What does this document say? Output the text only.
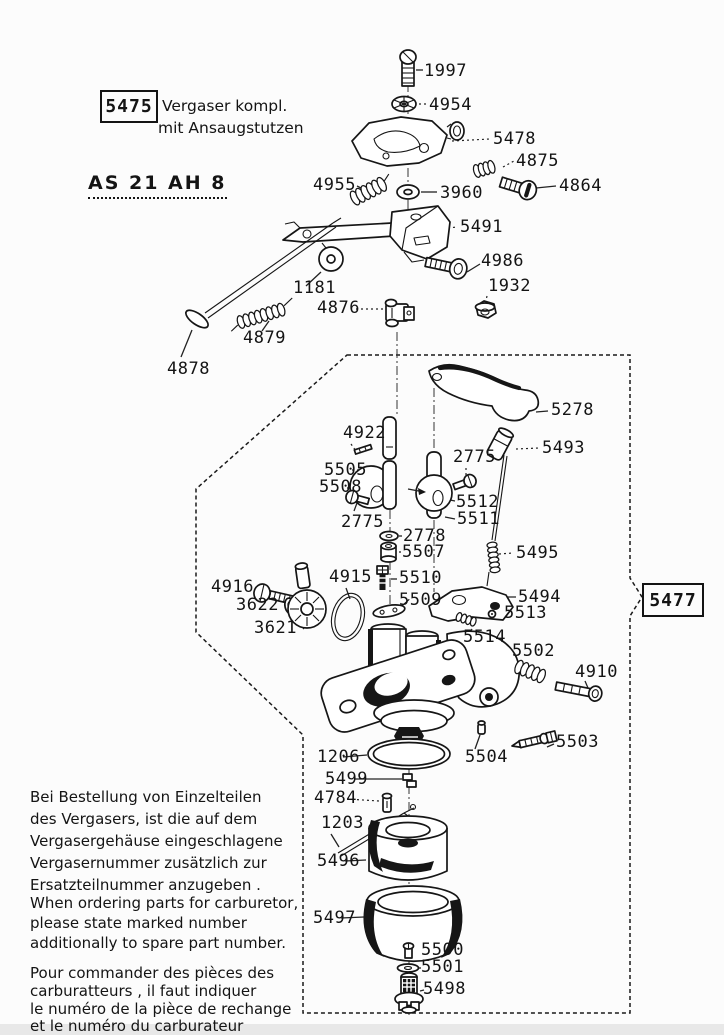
5475 Vergaser kompl.
mit Ansaugstutzen
AS 21 AH 8
5477
1997
4954
5478
4875
4864
4955	3960
5491
4986
1932
1181
4876
4879
4878
5278
4922
5493
2775
5505
5508
5512
5511
2775
2778
5507	5495
4916	4915 5510
3622	5509
3621
5494
5513
5514
5502
4910
5503
5504
1206
5499
4784
1203
5496
5497
5500
5501
5498
Bei Bestellung von Einzelteilen
des Vergasers, ist die auf dem
Vergasergehäuse eingeschlagene
Vergasernummer zusätzlich zur
Ersatzteilnummer anzugeben .
When ordering parts for carburetor,
please state marked number
additionally to spare part number.
Pour commander des pièces des
carburatteurs , il faut indiquer
le numéro de la pièce de rechange
et le numéro du carburateur
